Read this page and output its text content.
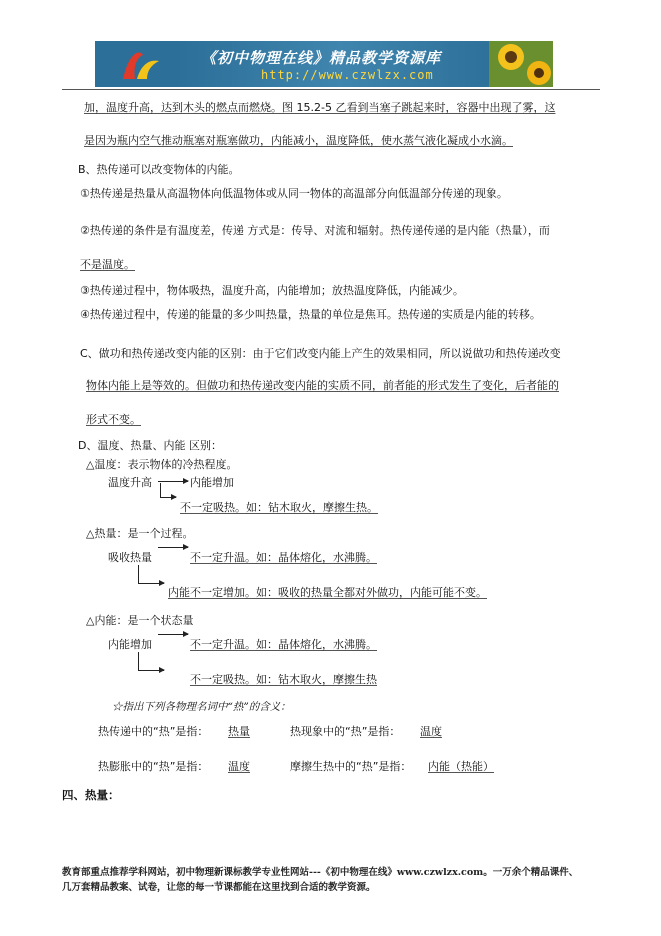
《初中物理在线》精品教学资源库
http://www.czwlzx.com
加，温度升高，达到木头的燃点而燃烧。图 15.2-5 乙看到当塞子跳起来时，容器中出现了雾，这
是因为瓶内空气推动瓶塞对瓶塞做功，内能减小，温度降低，使水蒸气液化凝成小水滴。
B、热传递可以改变物体的内能。
①热传递是热量从高温物体向低温物体或从同一物体的高温部分向低温部分传递的现象。
②热传递的条件是有温度差，传递 方式是：传导、对流和辐射。热传递传递的是内能（热量），而
不是温度。
③热传递过程中，物体吸热，温度升高，内能增加；放热温度降低，内能减少。
④热传递过程中，传递的能量的多少叫热量，热量的单位是焦耳。热传递的实质是内能的转移。
C、做功和热传递改变内能的区别：由于它们改变内能上产生的效果相同，所以说做功和热传递改变
物体内能上是等效的。但做功和热传递改变内能的实质不同，前者能的形式发生了变化，后者能的
形式不变。
D、温度、热量、内能 区别：
△温度：表示物体的冷热程度。
温度升高	内能增加
不一定吸热。如：钻木取火，摩擦生热。
△热量：是一个过程。
吸收热量	不一定升温。如：晶体熔化，水沸腾。
内能不一定增加。如：吸收的热量全都对外做功，内能可能不变。
△内能：是一个状态量
内能增加	不一定升温。如：晶体熔化，水沸腾。
不一定吸热。如：钻木取火，摩擦生热
☆指出下列各物理名词中“热”的含义：
热传递中的“热”是指： 热量	热现象中的“热”是指： 温度
热膨胀中的“热”是指： 温度	摩擦生热中的“热”是指： 内能（热能）
四、热量：
教育部重点推荐学科网站，初中物理新课标教学专业性网站---《初中物理在线》www.czwlzx.com。一万余个精品课件、
几万套精品教案、试卷，让您的每一节课都能在这里找到合适的教学资源。
